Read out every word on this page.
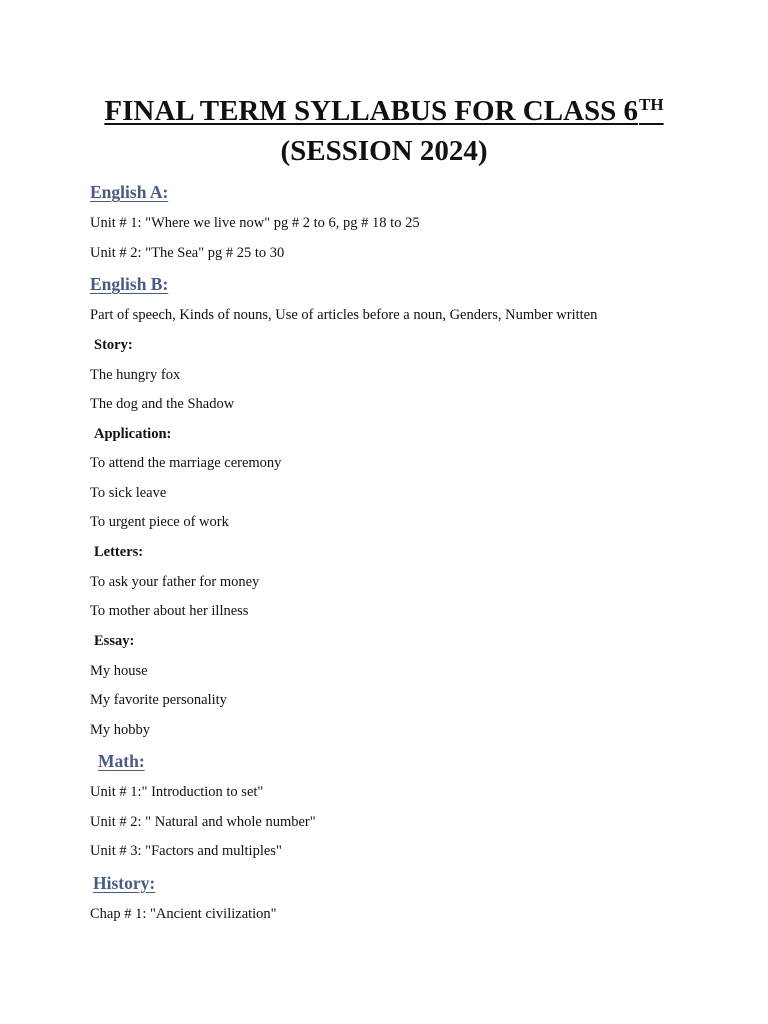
FINAL TERM SYLLABUS FOR CLASS 6TH
(SESSION 2024)
English A:

Unit # 1: "Where we live now" pg # 2 to 6, pg # 18 to 25

Unit # 2: "The Sea" pg # 25 to 30

English B:

Part of speech, Kinds of nouns, Use of articles before a noun, Genders, Number written

Story:

The hungry fox

The dog and the Shadow

Application:

To attend the marriage ceremony

To sick leave

To urgent piece of work

Letters:

To ask your father for money

To mother about her illness

Essay:

My house

My favorite personality

My hobby

Math:

Unit # 1:" Introduction to set"

Unit # 2: " Natural and whole number"

Unit # 3: "Factors and multiples"

History:

Chap # 1: "Ancient civilization"
